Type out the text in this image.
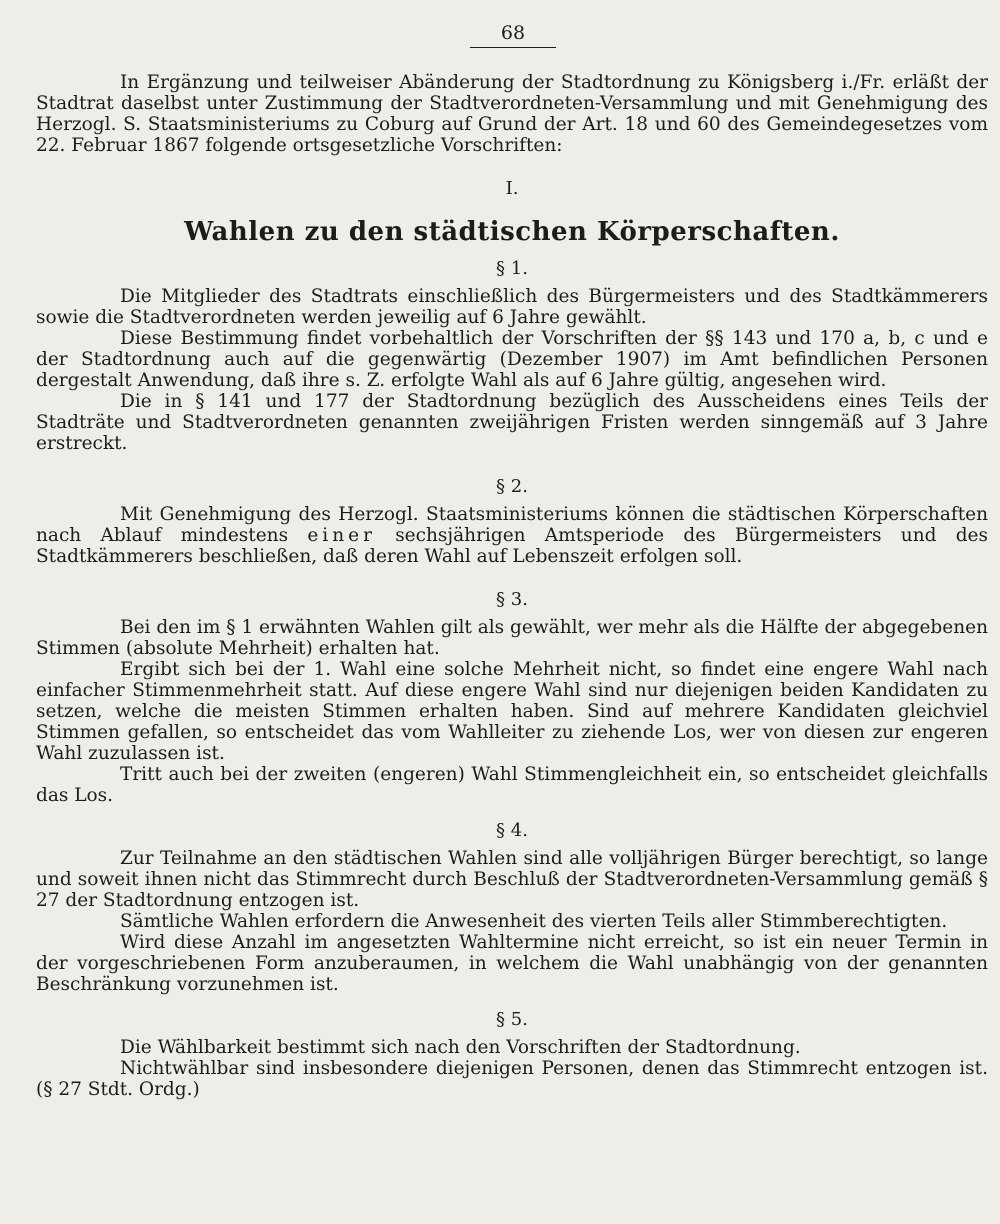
68

In Ergänzung und teilweiser Abänderung der Stadtordnung zu Königsberg i./Fr. erläßt der Stadtrat daselbst unter Zustimmung der Stadtverordneten-Versammlung und mit Genehmigung des Herzogl. S. Staatsministeriums zu Coburg auf Grund der Art. 18 und 60 des Gemeindegesetzes vom 22. Februar 1867 folgende ortsgesetzliche Vorschriften:

I.

Wahlen zu den städtischen Körperschaften.

§ 1.

Die Mitglieder des Stadtrats einschließlich des Bürgermeisters und des Stadtkämmerers sowie die Stadtverordneten werden jeweilig auf 6 Jahre gewählt.

Diese Bestimmung findet vorbehaltlich der Vorschriften der §§ 143 und 170 a, b, c und e der Stadtordnung auch auf die gegenwärtig (Dezember 1907) im Amt befindlichen Personen dergestalt Anwendung, daß ihre s. Z. erfolgte Wahl als auf 6 Jahre gültig, angesehen wird.

Die in § 141 und 177 der Stadtordnung bezüglich des Ausscheidens eines Teils der Stadträte und Stadtverordneten genannten zweijährigen Fristen werden sinngemäß auf 3 Jahre erstreckt.

§ 2.

Mit Genehmigung des Herzogl. Staatsministeriums können die städtischen Körperschaften nach Ablauf mindestens einer sechsjährigen Amtsperiode des Bürgermeisters und des Stadtkämmerers beschließen, daß deren Wahl auf Lebenszeit erfolgen soll.

§ 3.

Bei den im § 1 erwähnten Wahlen gilt als gewählt, wer mehr als die Hälfte der abgegebenen Stimmen (absolute Mehrheit) erhalten hat.

Ergibt sich bei der 1. Wahl eine solche Mehrheit nicht, so findet eine engere Wahl nach einfacher Stimmenmehrheit statt. Auf diese engere Wahl sind nur diejenigen beiden Kandidaten zu setzen, welche die meisten Stimmen erhalten haben. Sind auf mehrere Kandidaten gleichviel Stimmen gefallen, so entscheidet das vom Wahlleiter zu ziehende Los, wer von diesen zur engeren Wahl zuzulassen ist.

Tritt auch bei der zweiten (engeren) Wahl Stimmengleichheit ein, so entscheidet gleichfalls das Los.

§ 4.

Zur Teilnahme an den städtischen Wahlen sind alle volljährigen Bürger berechtigt, so lange und soweit ihnen nicht das Stimmrecht durch Beschluß der Stadtverordneten-Versammlung gemäß § 27 der Stadtordnung entzogen ist.

Sämtliche Wahlen erfordern die Anwesenheit des vierten Teils aller Stimmberechtigten.

Wird diese Anzahl im angesetzten Wahltermine nicht erreicht, so ist ein neuer Termin in der vorgeschriebenen Form anzuberaumen, in welchem die Wahl unabhängig von der genannten Beschränkung vorzunehmen ist.

§ 5.

Die Wählbarkeit bestimmt sich nach den Vorschriften der Stadtordnung.

Nichtwählbar sind insbesondere diejenigen Personen, denen das Stimmrecht entzogen ist. (§ 27 Stdt. Ordg.)
